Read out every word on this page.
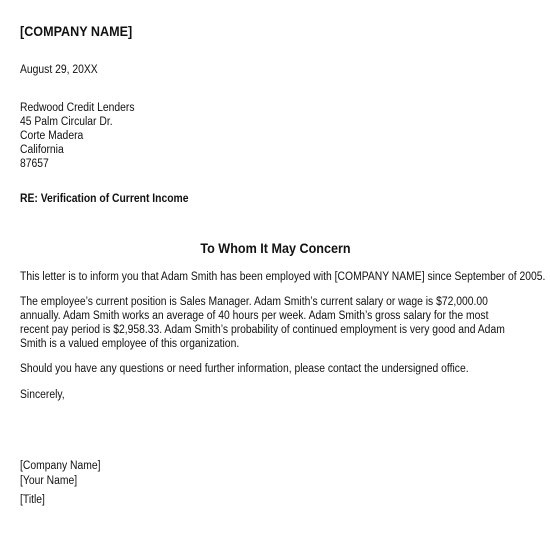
[COMPANY NAME]
August 29, 20XX
Redwood Credit Lenders
45 Palm Circular Dr.
Corte Madera
California
87657
RE: Verification of Current Income
To Whom It May Concern
This letter is to inform you that Adam Smith has been employed with [COMPANY NAME] since September of 2005.
The employee’s current position is Sales Manager. Adam Smith’s current salary or wage is $72,000.00 annually. Adam Smith works an average of 40 hours per week. Adam Smith’s gross salary for the most recent pay period is $2,958.33. Adam Smith’s probability of continued employment is very good and Adam Smith is a valued employee of this organization.
Should you have any questions or need further information, please contact the undersigned office.
Sincerely,
[Company Name]
[Your Name]
[Title]
